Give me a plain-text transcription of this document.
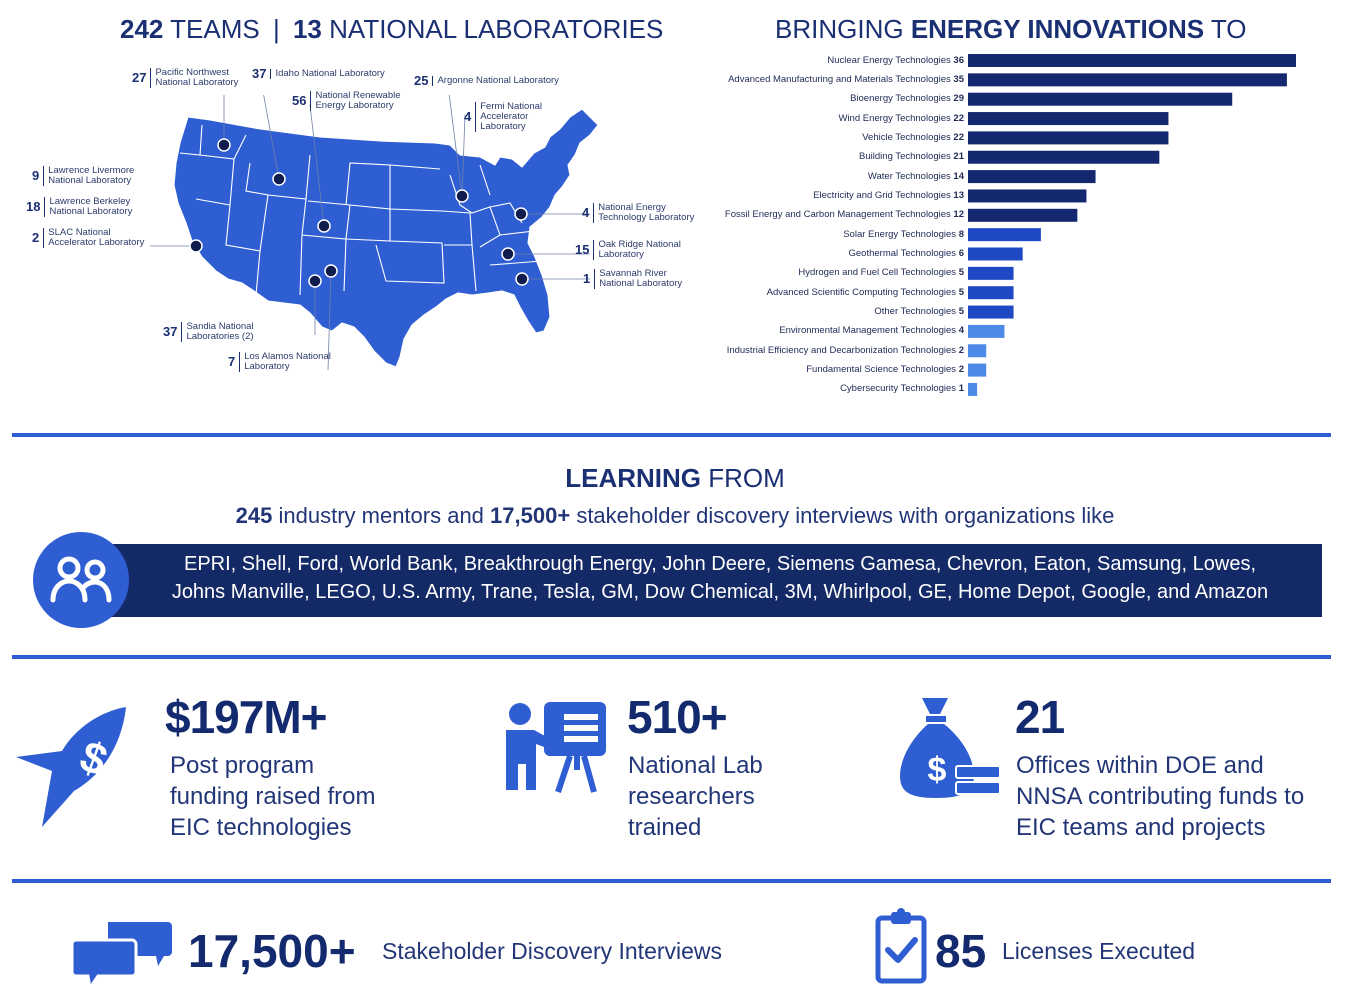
242 TEAMS | 13 NATIONAL LABORATORIES
27 Pacific Northwest National Laboratory
37 Idaho National Laboratory
56 National Renewable Energy Laboratory
25 Argonne National Laboratory
4
Fermi National Accelerator Laboratory
9 Lawrence Livermore National Laboratory
18 Lawrence Berkeley National Laboratory
2 SLAC National Accelerator Laboratory
4 National Energy Technology Laboratory
15 Oak Ridge National Laboratory
1 Savannah River National Laboratory
37 Sandia National Laboratories (2)
7 Los Alamos National Laboratory
BRINGING ENERGY INNOVATIONS TO
Nuclear Energy Technologies 36
Advanced Manufacturing and Materials Technologies 35
Bioenergy Technologies 29
Wind Energy Technologies 22
Vehicle Technologies 22
Building Technologies 21
Water Technologies 14
Electricity and Grid Technologies 13
Fossil Energy and Carbon Management Technologies 12
Solar Energy Technologies 8
Geothermal Technologies 6
Hydrogen and Fuel Cell Technologies 5
Advanced Scientific Computing Technologies 5
Other Technologies 5
Environmental Management Technologies 4
Industrial Efficiency and Decarbonization Technologies 2
Fundamental Science Technologies 2
Cybersecurity Technologies 1
LEARNING FROM
245 industry mentors and 17,500+ stakeholder discovery interviews with organizations like
EPRI, Shell, Ford, World Bank, Breakthrough Energy, John Deere, Siemens Gamesa, Chevron, Eaton, Samsung, Lowes,
Johns Manville, LEGO, U.S. Army, Trane, Tesla, GM, Dow Chemical, 3M, Whirlpool, GE, Home Depot, Google, and Amazon
$
$197M+
Post program
funding raised from
EIC technologies
510+
National Lab
researchers
trained
$
21
Offices within DOE and
NNSA contributing funds to
EIC teams and projects
17,500+ Stakeholder Discovery Interviews	85 Licenses Executed
